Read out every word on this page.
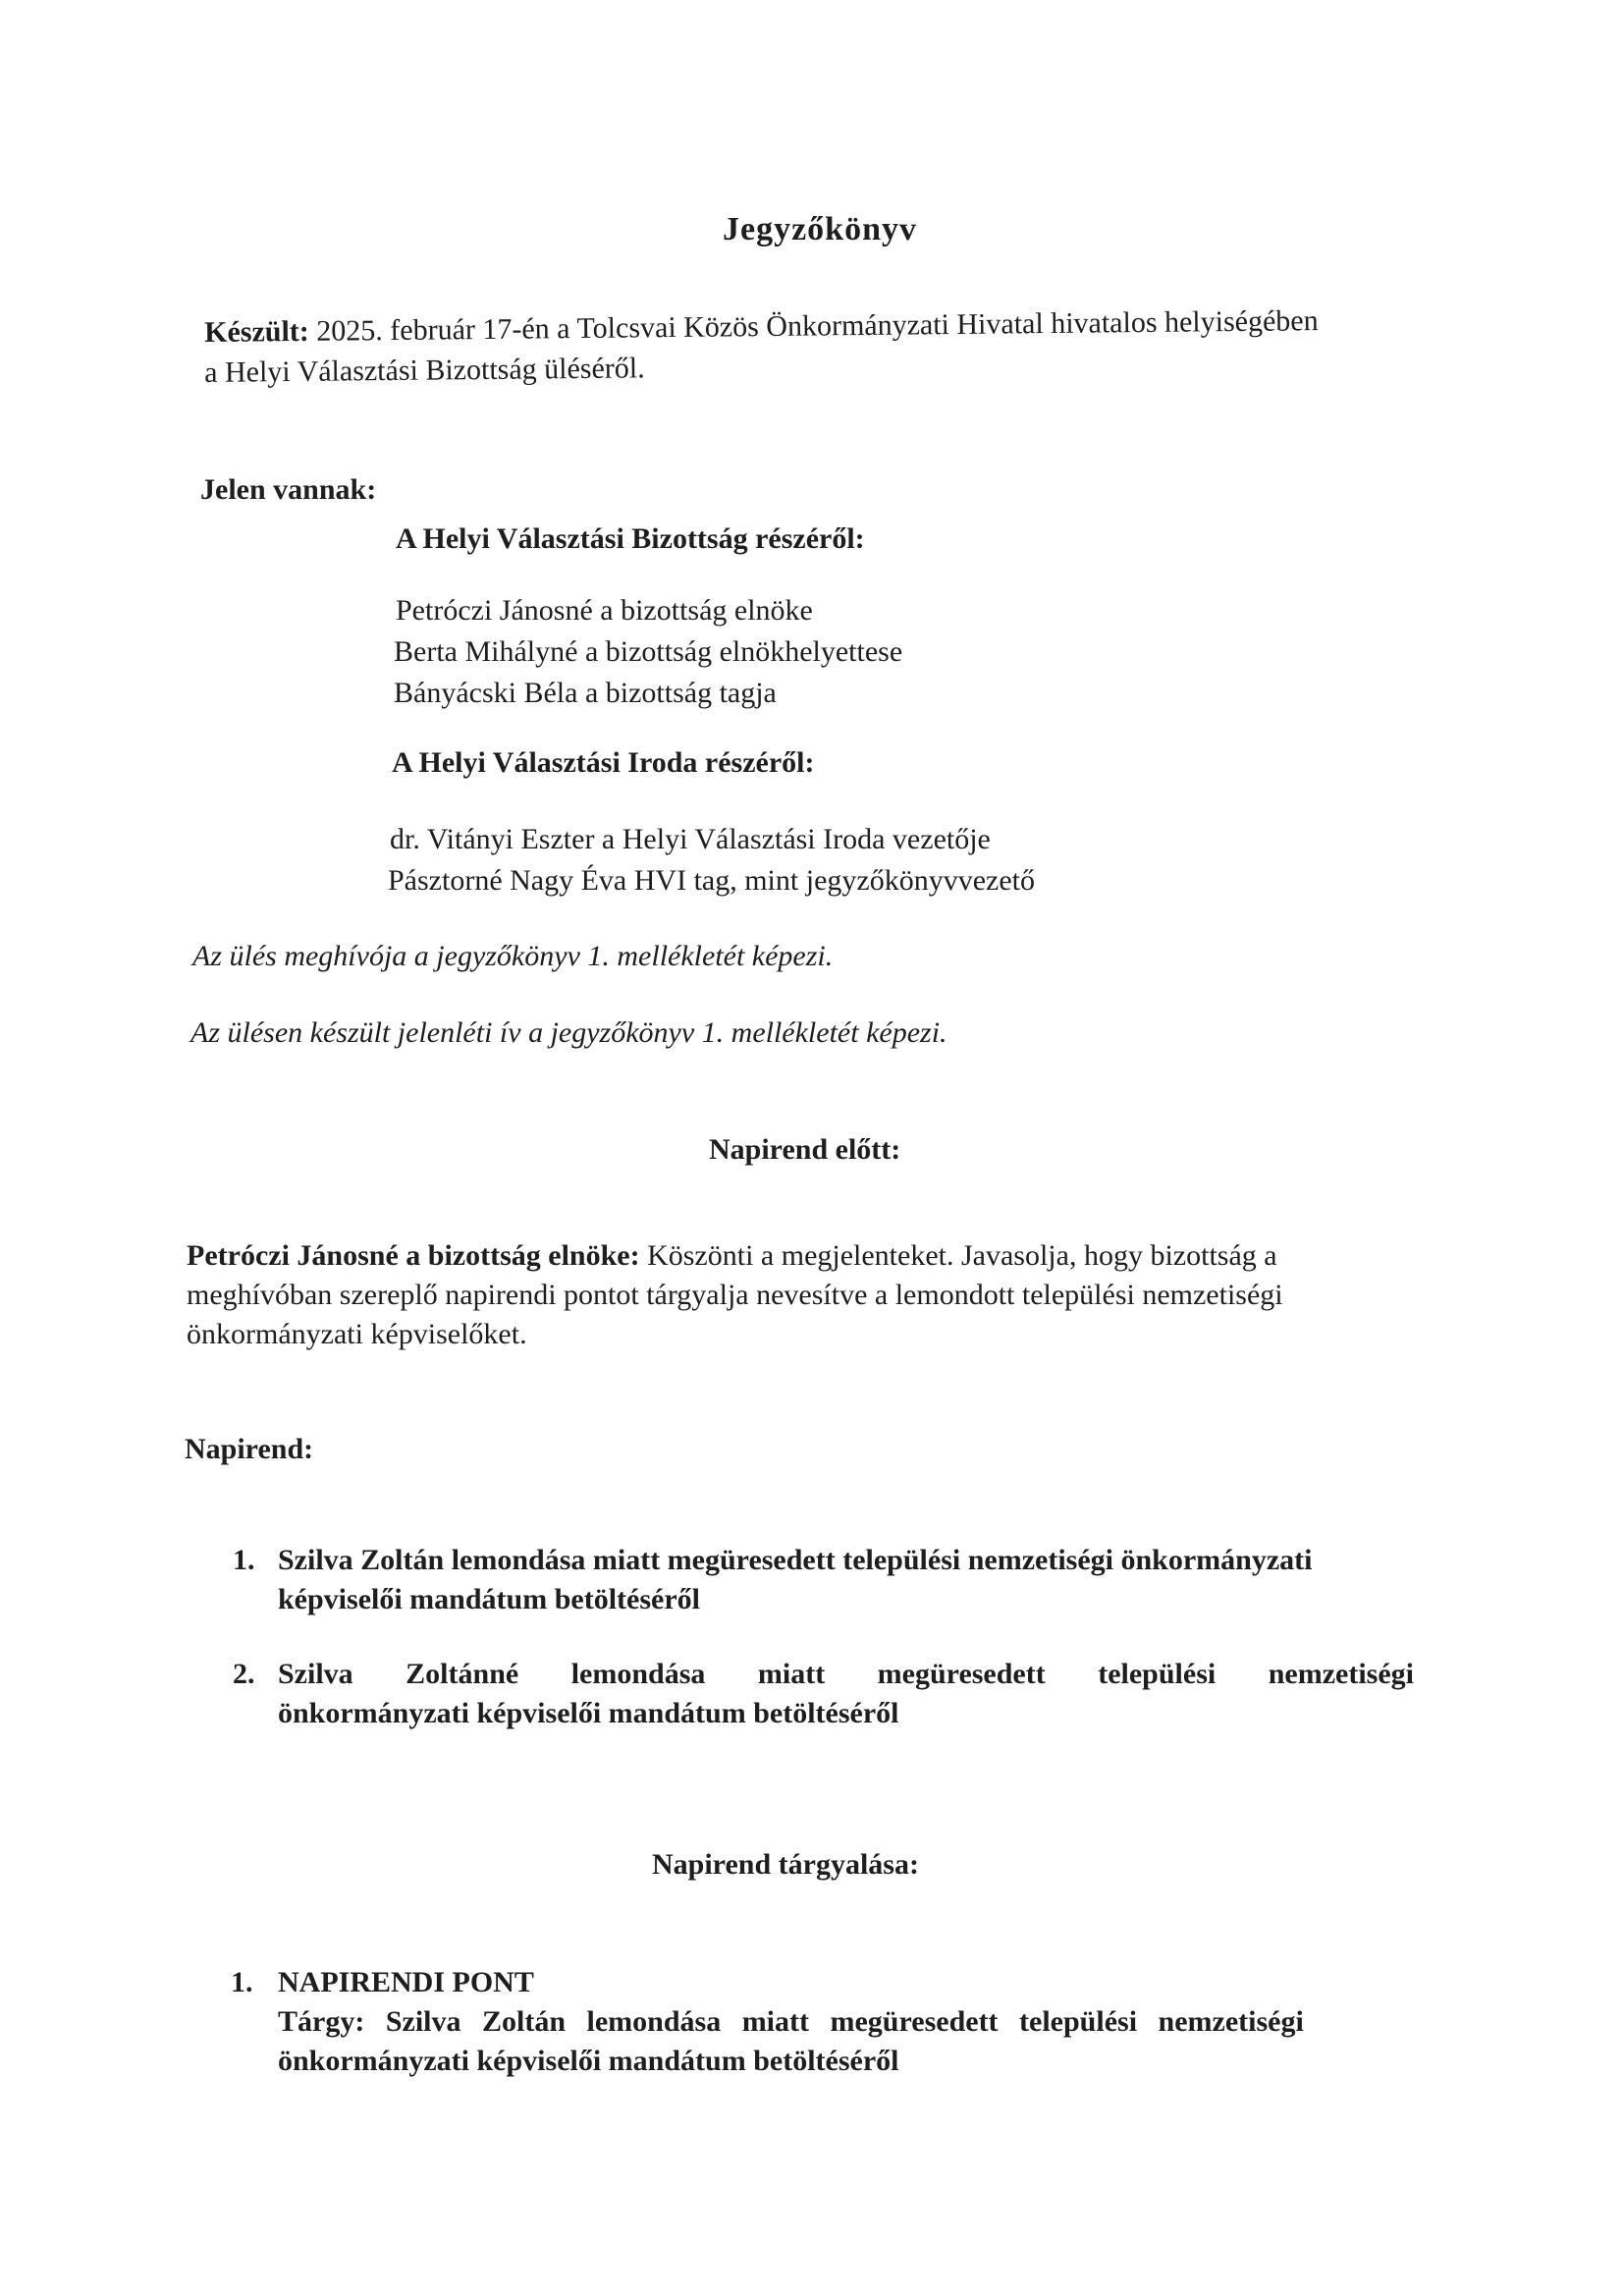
Jegyzőkönyv
Készült: 2025. február 17-én a Tolcsvai Közös Önkormányzati Hivatal hivatalos helyiségében
a Helyi Választási Bizottság üléséről.
Jelen vannak:
A Helyi Választási Bizottság részéről:
Petróczi Jánosné a bizottság elnöke
Berta Mihályné a bizottság elnökhelyettese
Bányácski Béla a bizottság tagja
A Helyi Választási Iroda részéről:
dr. Vitányi Eszter a Helyi Választási Iroda vezetője
Pásztorné Nagy Éva HVI tag, mint jegyzőkönyvvezető
Az ülés meghívója a jegyzőkönyv 1. mellékletét képezi.
Az ülésen készült jelenléti ív a jegyzőkönyv 1. mellékletét képezi.
Napirend előtt:
Petróczi Jánosné a bizottság elnöke: Köszönti a megjelenteket. Javasolja, hogy bizottság a
meghívóban szereplő napirendi pontot tárgyalja nevesítve a lemondott települési nemzetiségi
önkormányzati képviselőket.
Napirend:
1. Szilva Zoltán lemondása miatt megüresedett települési nemzetiségi önkormányzati
képviselői mandátum betöltéséről
2. Szilva Zoltánné lemondása miatt megüresedett települési nemzetiségi
önkormányzati képviselői mandátum betöltéséről
Napirend tárgyalása:
1. NAPIRENDI PONT
Tárgy: Szilva Zoltán lemondása miatt megüresedett települési nemzetiségi
önkormányzati képviselői mandátum betöltéséről
